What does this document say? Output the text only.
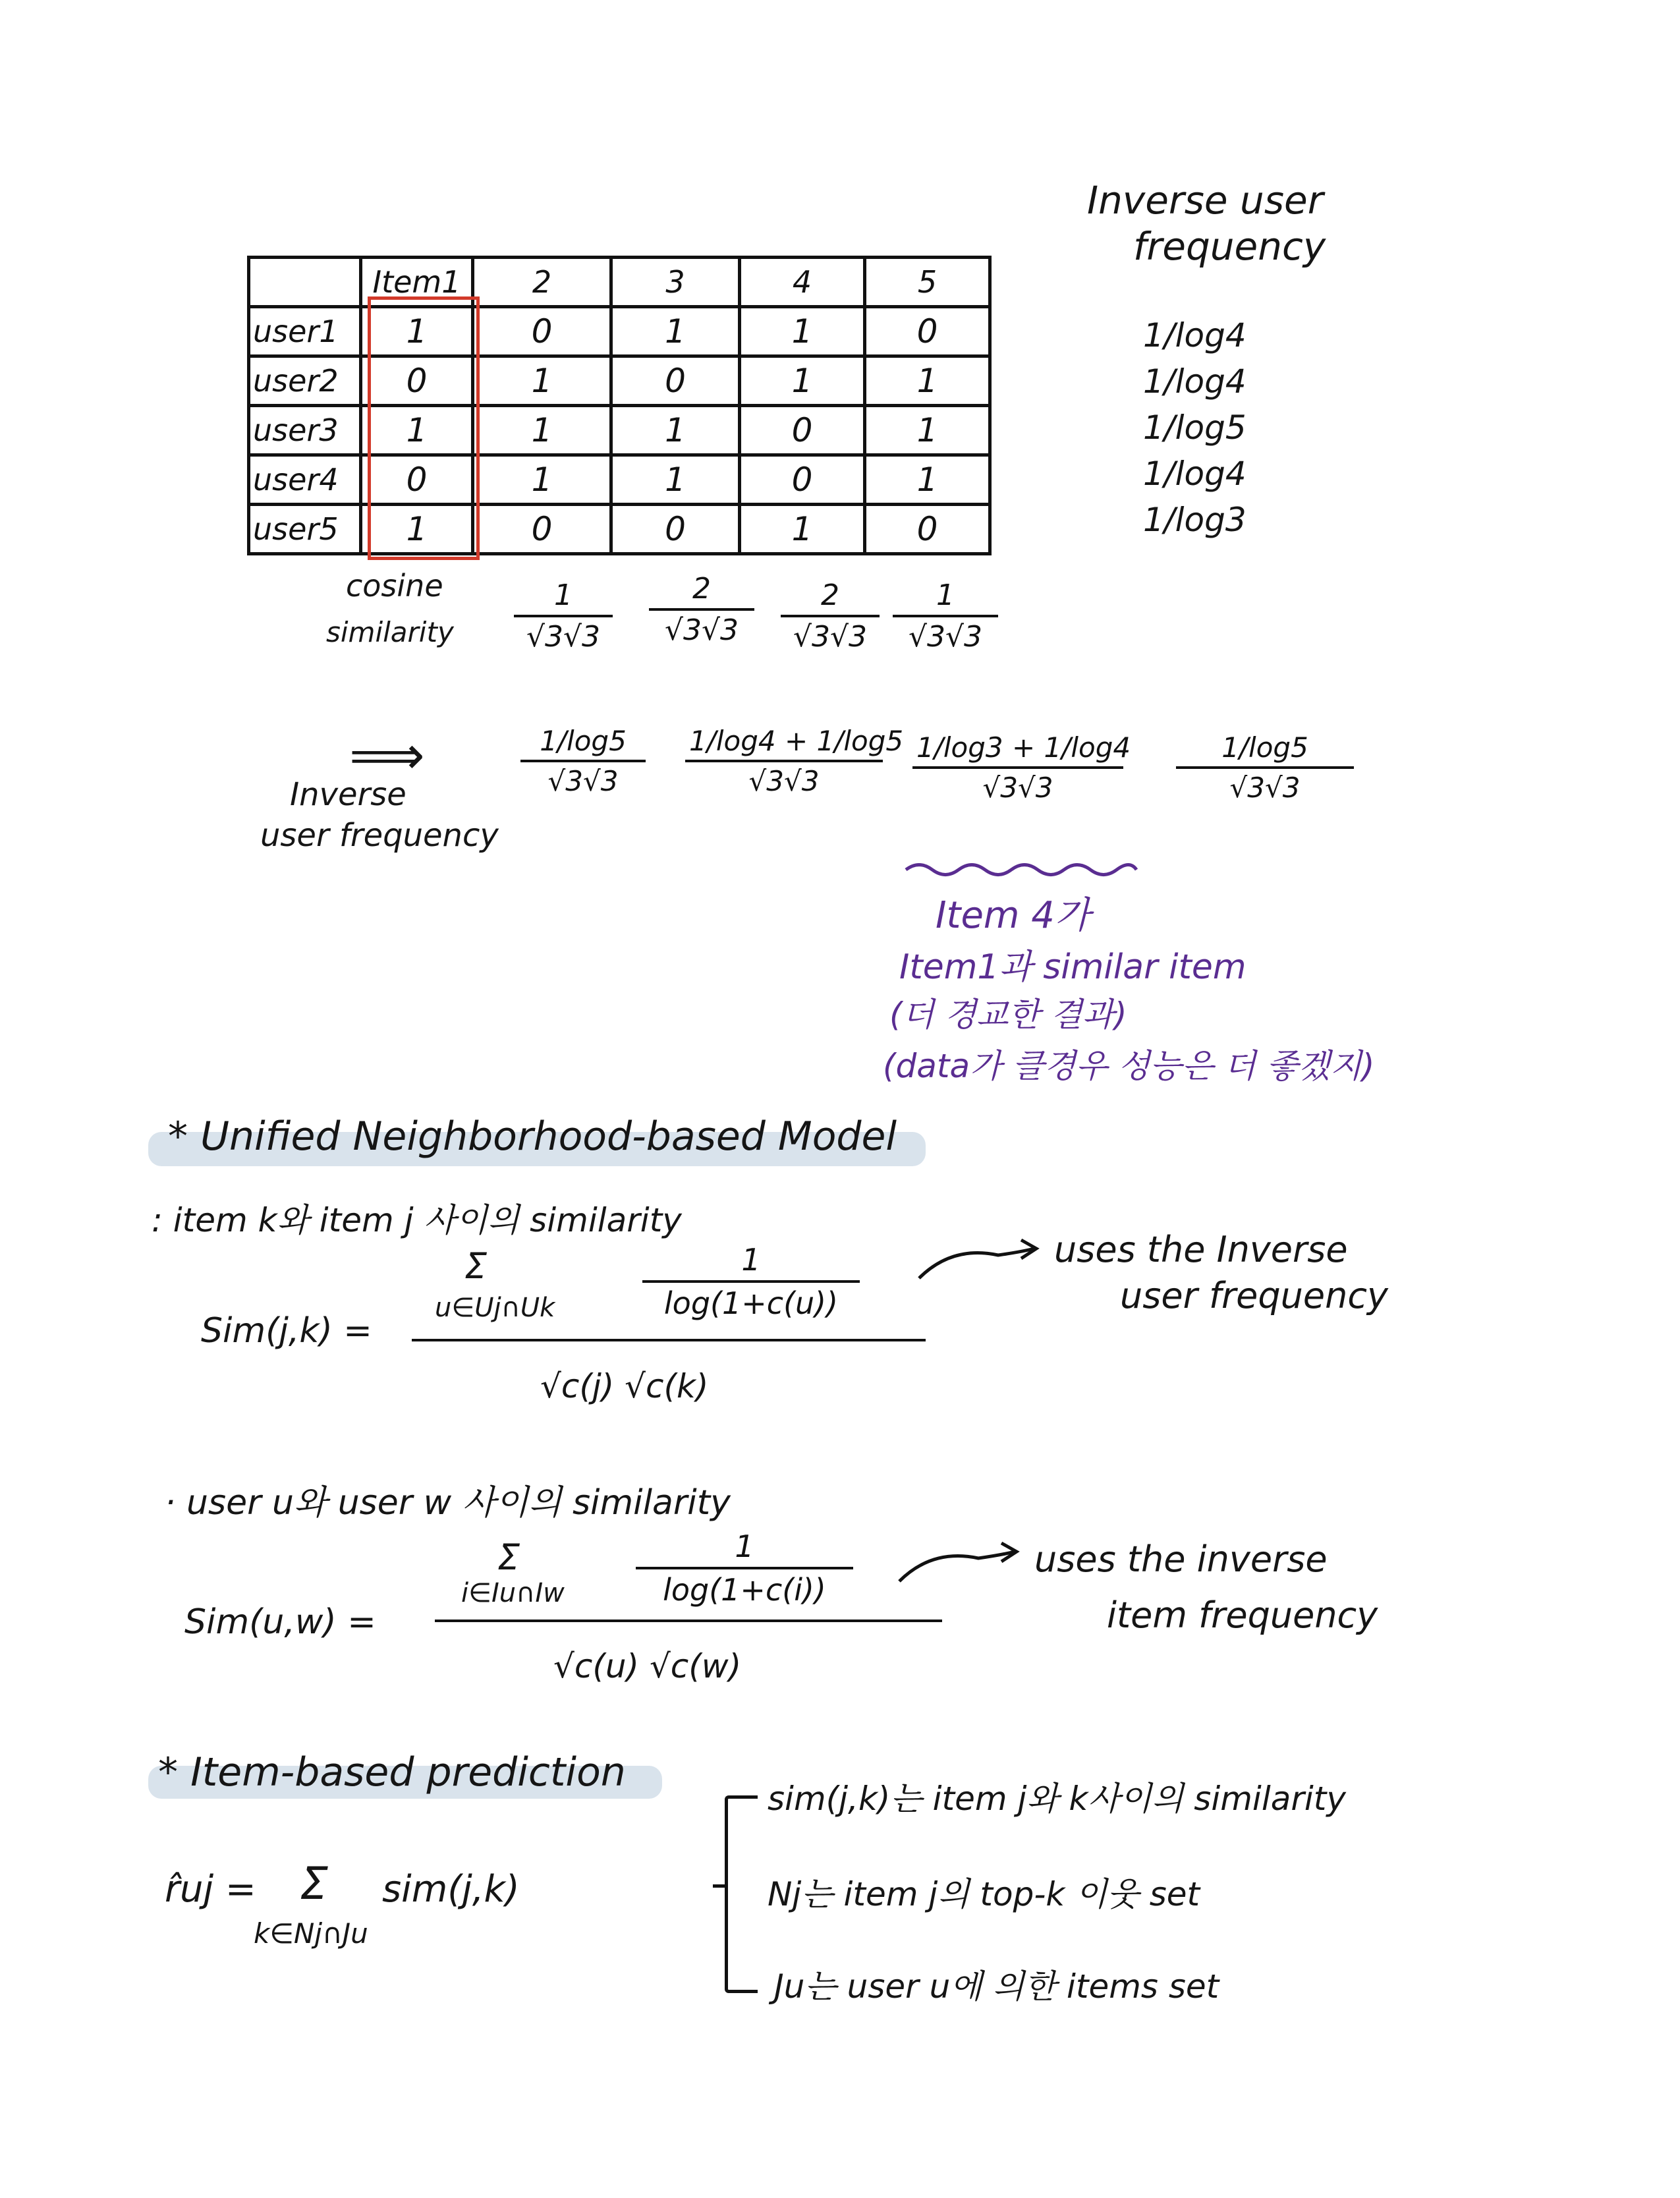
	Item1	2	3	4	5
user1	1	0	1	1	0
user2	0	1	0	1	1
user3	1	1	1	0	1
user4	0	1	1	0	1
user5	1	0	0	1	0
Inverse user
frequency
1/log4
1/log4
1/log5
1/log4
1/log3
cosine
similarity
1
√3√3
2
√3√3
2
√3√3
1
√3√3
⟹
Inverse
user frequency
1/log5
√3√3
1/log4 + 1/log5
√3√3
1/log3 + 1/log4
√3√3
1/log5
√3√3
Item 4가
Item1과 similar item
(더 경교한 결과)
(data가 클경우 성능은 더 좋겠지)
* Unified Neighborhood-based Model
: item k와 item j 사이의 similarity
Sim(j,k) =
Σ
u∈Uj∩Uk
1
log(1+c(u))
√c(j) √c(k)
uses the Inverse
user frequency
· user u와 user w 사이의 similarity
Sim(u,w) =
Σ
i∈Iu∩Iw
1
log(1+c(i))
√c(u) √c(w)
uses the inverse
item frequency
* Item-based prediction
r̂uj = Σ
k∈Nj∩Ju
sim(j,k)
sim(j,k)는 item j와 k사이의 similarity
Nj는 item j의 top-k 이웃 set
Ju는 user u에 의한 items set
